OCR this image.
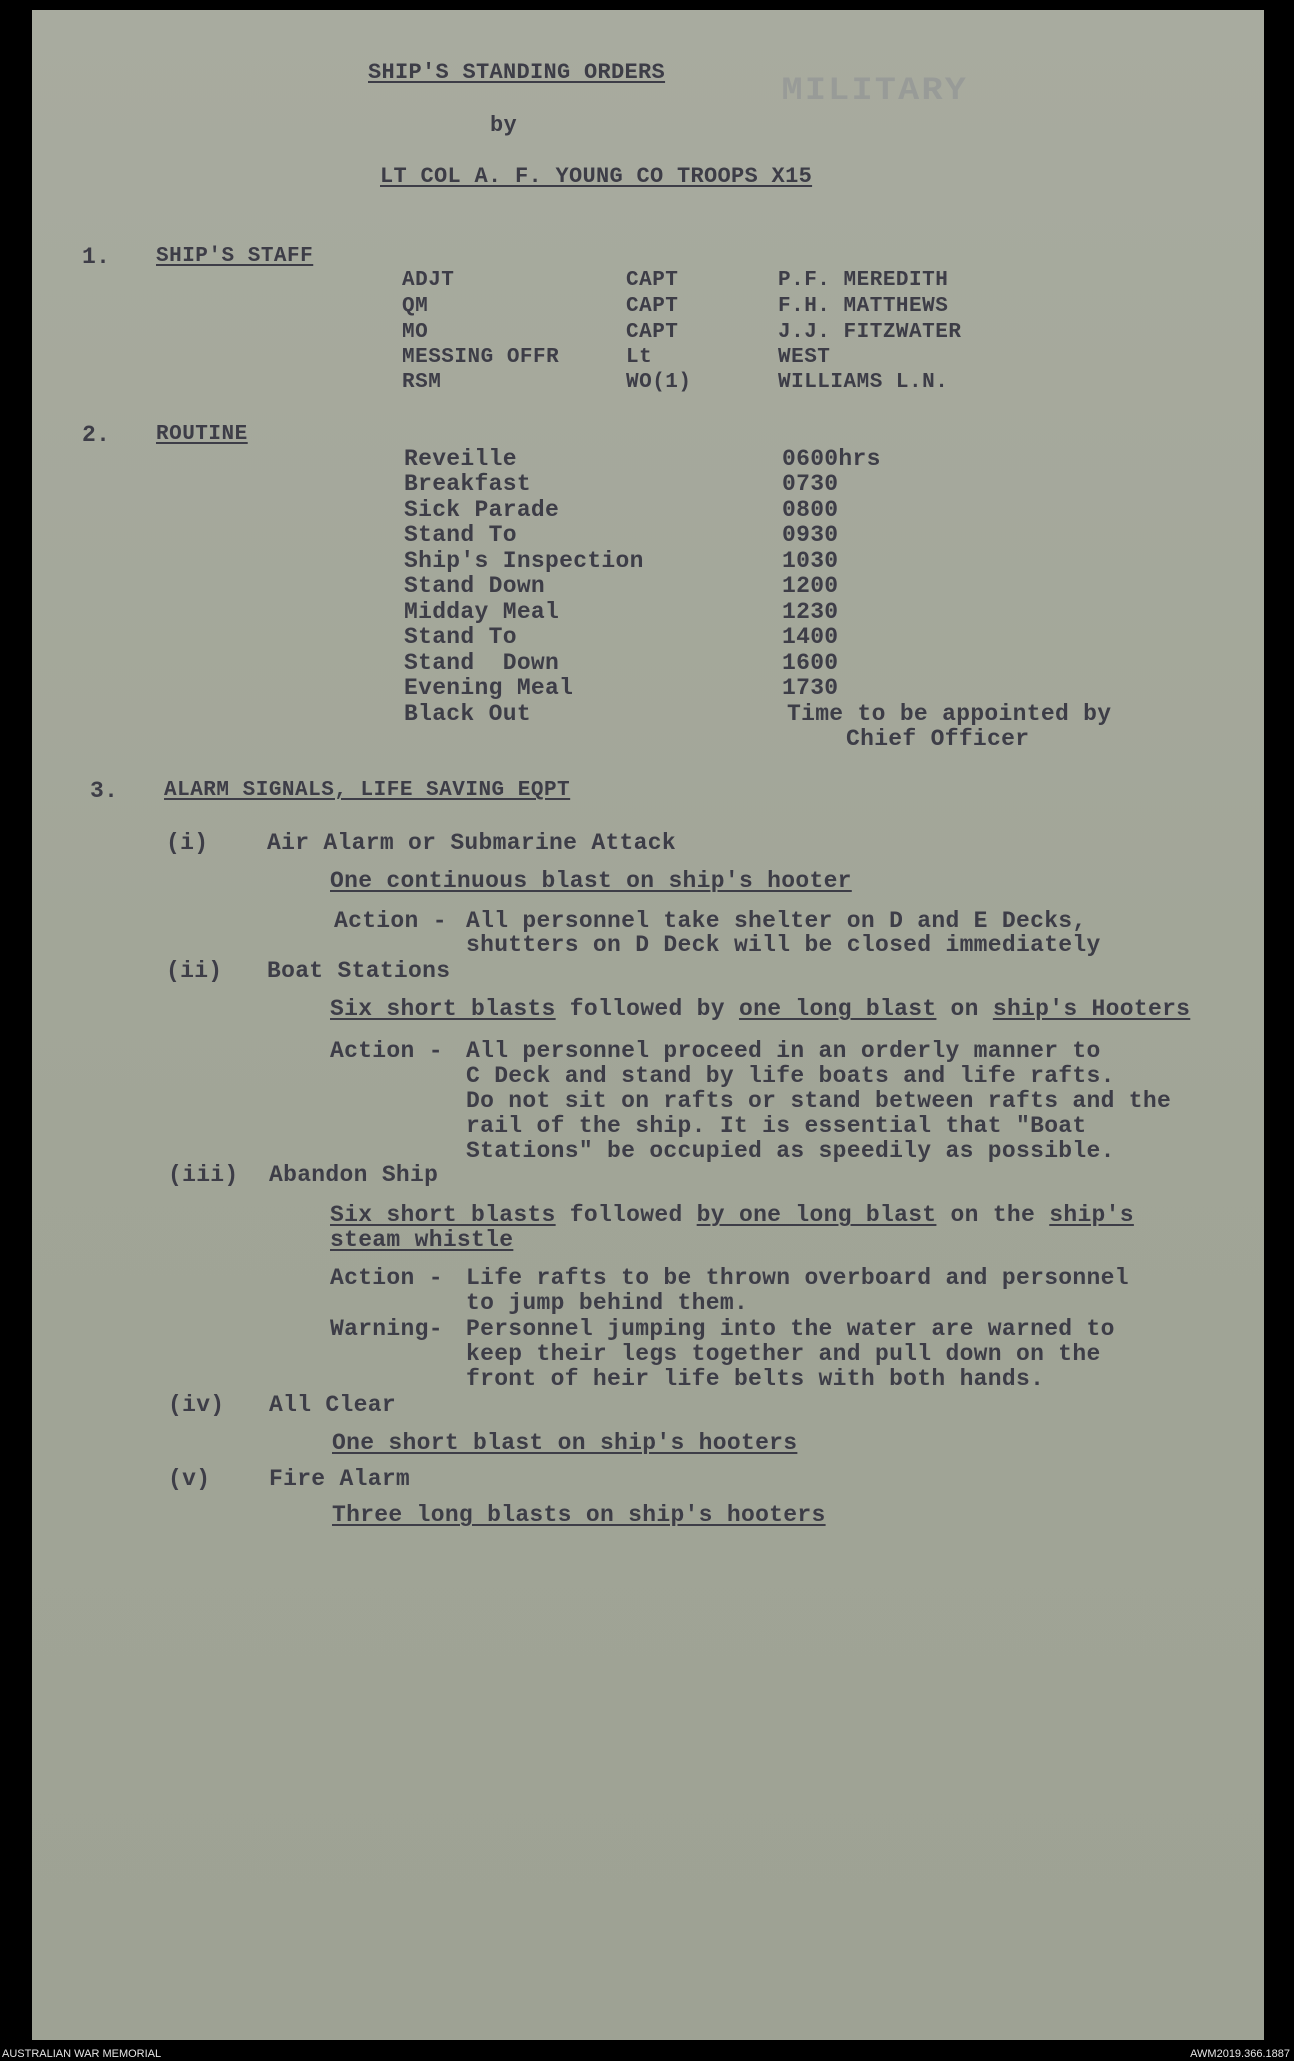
MILITARY
SHIP'S STANDING ORDERS
by
LT COL A. F. YOUNG CO TROOPS X15
1. SHIP'S STAFF
ADJT	CAPT	P.F. MEREDITH
QM	CAPT	F.H. MATTHEWS
MO	CAPT	J.J. FITZWATER
MESSING OFFR	Lt	WEST
RSM	WO(1)	WILLIAMS L.N.
2. ROUTINE
Reveille	0600hrs
Breakfast	0730
Sick Parade	0800
Stand To	0930
Ship's Inspection	1030
Stand Down	1200
Midday Meal	1230
Stand To	1400
Stand  Down	1600
Evening Meal	1730
Black Out	Time to be appointed by
Chief Officer
3. ALARM SIGNALS, LIFE SAVING EQPT
(i)	Air Alarm or Submarine Attack
One continuous blast on ship's hooter
Action - All personnel take shelter on D and E Decks,
shutters on D Deck will be closed immediately
(ii) Boat Stations
Six short blasts followed by one long blast on ship's Hooters
Action - All personnel proceed in an orderly manner to
C Deck and stand by life boats and life rafts.
Do not sit on rafts or stand between rafts and the
rail of the ship. It is essential that "Boat
Stations" be occupied as speedily as possible.
(iii) Abandon Ship
Six short blasts followed by one long blast on the ship's
steam whistle
Action - Life rafts to be thrown overboard and personnel
to jump behind them.
Warning- Personnel jumping into the water are warned to
keep their legs together and pull down on the
front of heir life belts with both hands.
(iv) All Clear
One short blast on ship's hooters
(v)	Fire Alarm
Three long blasts on ship's hooters
AUSTRALIAN WAR MEMORIAL	AWM2019.366.1887
